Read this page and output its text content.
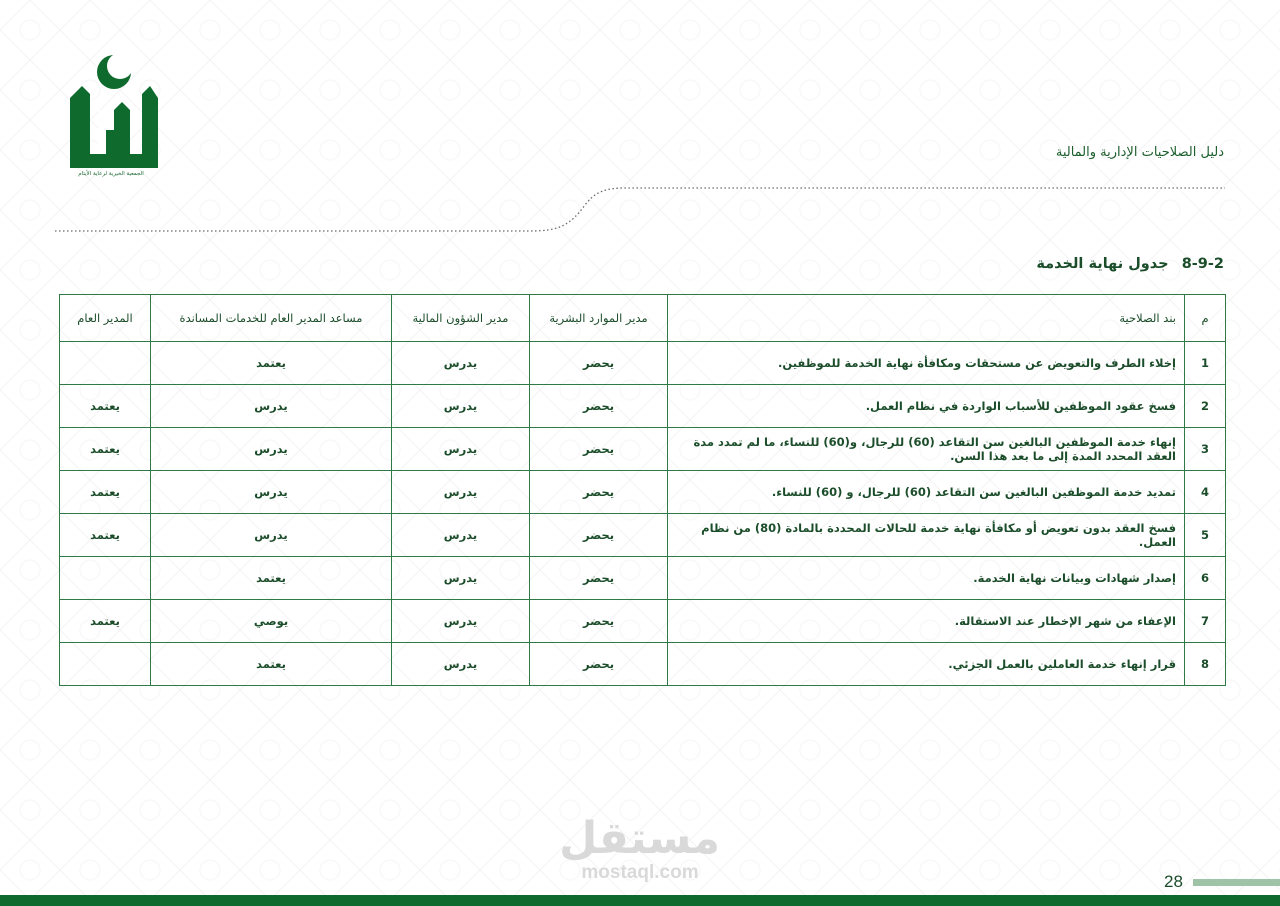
الجمعية الخيرية لرعاية الأيتام
دليل الصلاحيات الإدارية والمالية
8-9-2 جدول نهاية الخدمة
م	بند الصلاحية	مدير الموارد البشرية	مدير الشؤون المالية	مساعد المدير العام للخدمات المساندة	المدير العام
1	إخلاء الطرف والتعويض عن مستحقات ومكافأة نهاية الخدمة للموظفين.	يحضر	يدرس	يعتمد	
2	فسخ عقود الموظفين للأسباب الواردة في نظام العمل.	يحضر	يدرس	يدرس	يعتمد
3	إنهاء خدمة الموظفين البالغين سن التقاعد (60) للرجال، و(60) للنساء، ما لم تمدد مدة العقد المحدد المدة إلى ما بعد هذا السن.	يحضر	يدرس	يدرس	يعتمد
4	تمديد خدمة الموظفين البالغين سن التقاعد (60) للرجال، و (60) للنساء.	يحضر	يدرس	يدرس	يعتمد
5	فسخ العقد بدون تعويض أو مكافأة نهاية خدمة للحالات المحددة بالمادة (80) من نظام العمل.	يحضر	يدرس	يدرس	يعتمد
6	إصدار شهادات وبيانات نهاية الخدمة.	يحضر	يدرس	يعتمد	
7	الإعفاء من شهر الإخطار عند الاستقالة.	يحضر	يدرس	يوصي	يعتمد
8	قرار إنهاء خدمة العاملين بالعمل الجزئي.	يحضر	يدرس	يعتمد	
مستقل
mostaql.com	28
